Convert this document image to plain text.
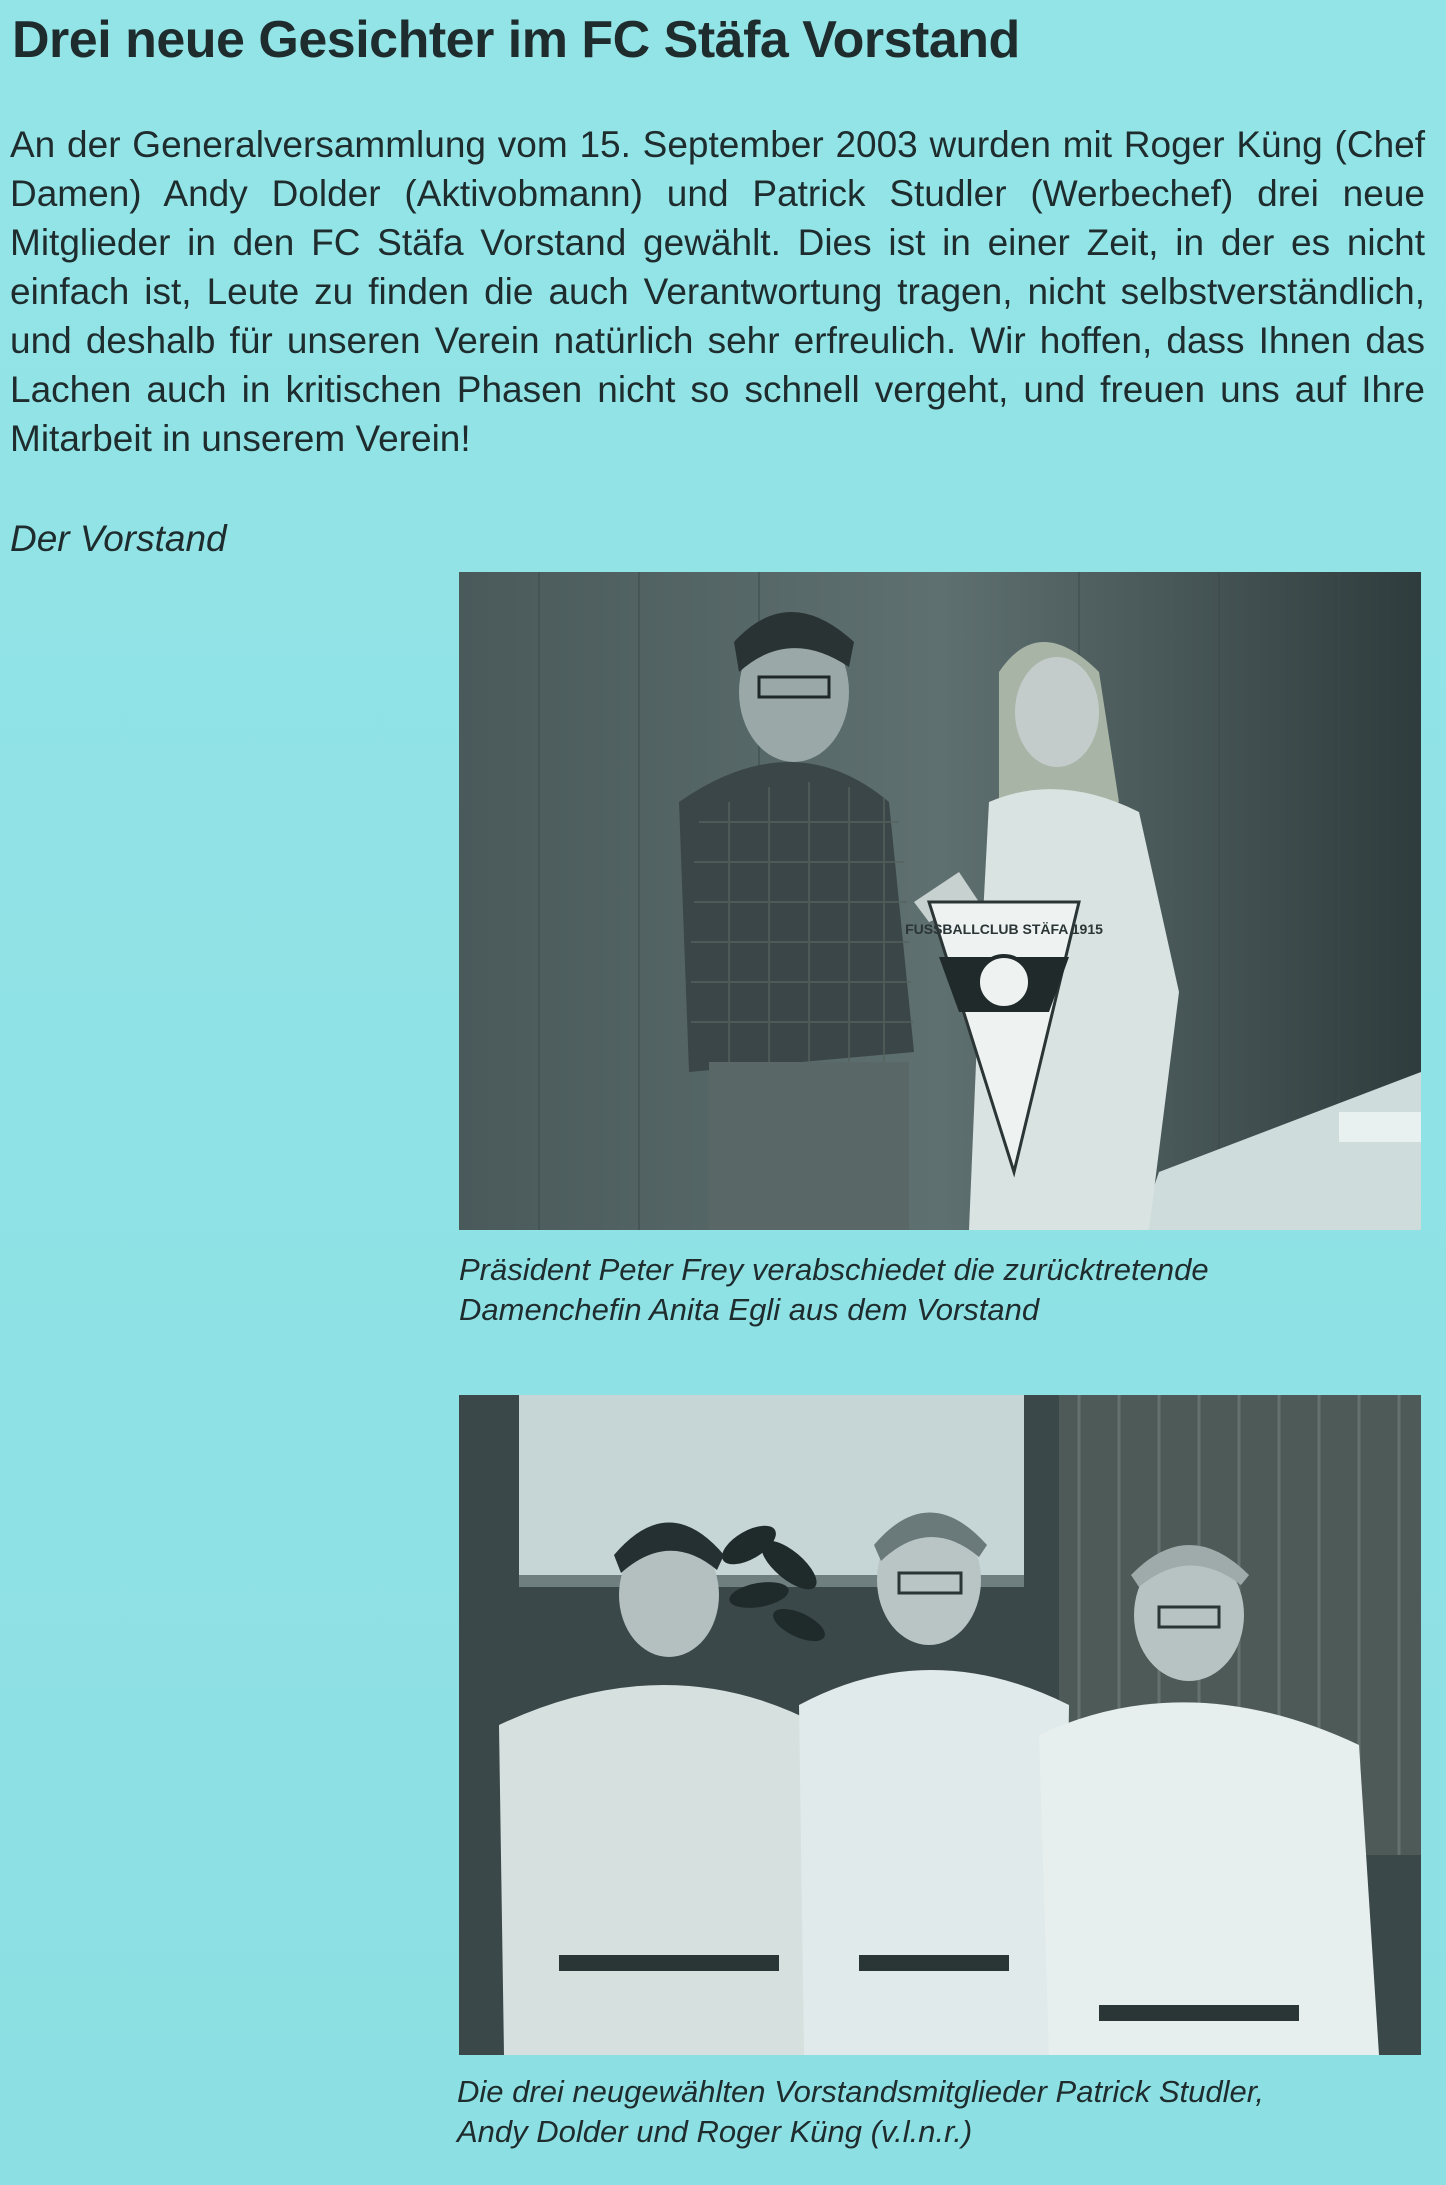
Drei neue Gesichter im FC Stäfa Vorstand

An der Generalversammlung vom 15. September 2003 wurden mit Roger Küng (Chef Damen) Andy Dolder (Aktivobmann) und Patrick Studler (Werbechef) drei neue Mitglieder in den FC Stäfa Vorstand gewählt. Dies ist in einer Zeit, in der es nicht einfach ist, Leute zu finden die auch Verantwortung tragen, nicht selbstverständlich, und deshalb für unseren Verein natürlich sehr erfreulich. Wir hoffen, dass Ihnen das Lachen auch in kritischen Phasen nicht so schnell vergeht, und freuen uns auf Ihre Mitarbeit in unserem Verein!

Der Vorstand

FUSSBALLCLUB STÄFA 1915

Präsident Peter Frey verabschiedet die zurücktretende
Damenchefin Anita Egli aus dem Vorstand

Die drei neugewählten Vorstandsmitglieder Patrick Studler,
Andy Dolder und Roger Küng (v.l.n.r.)
